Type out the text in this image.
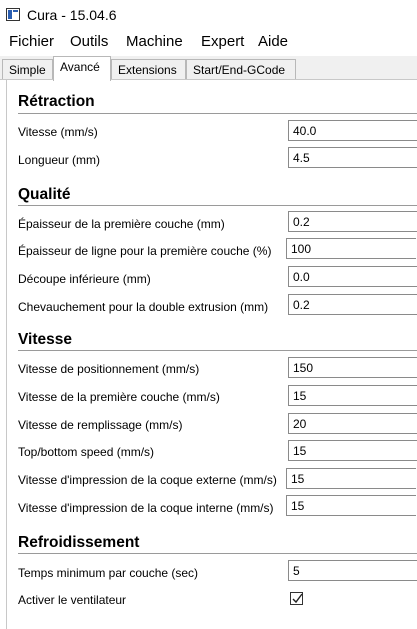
Cura - 15.04.6
Fichier Outils Machine Expert Aide
Simple	Avancé	Extensions	Start/End-GCode
Rétraction
Vitesse (mm/s)	40.0
Longueur (mm)	4.5
Qualité
Épaisseur de la première couche (mm)	0.2
Épaisseur de ligne pour la première couche (%)	100
Découpe inférieure (mm)	0.0
Chevauchement pour la double extrusion (mm)	0.2
Vitesse
Vitesse de positionnement (mm/s)	150
Vitesse de la première couche (mm/s)	15
Vitesse de remplissage (mm/s)	20
Top/bottom speed (mm/s)	15
Vitesse d'impression de la coque externe (mm/s)	15
Vitesse d'impression de la coque interne (mm/s)	15
Refroidissement
Temps minimum par couche (sec)	5
Activer le ventilateur
